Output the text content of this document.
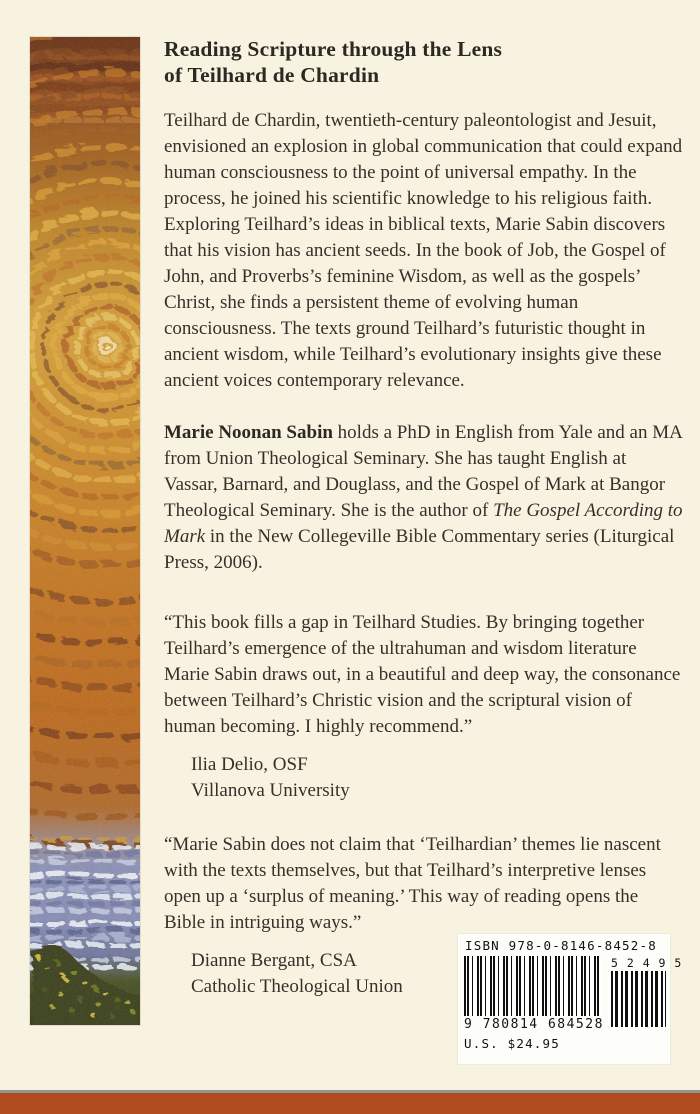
Reading Scripture through the Lens
of Teilhard de Chardin

Teilhard de Chardin, twentieth-century paleontologist and Jesuit, envisioned an explosion in global communication that could expand human consciousness to the point of universal empathy. In the process, he joined his scientific knowledge to his religious faith. Exploring Teilhard’s ideas in biblical texts, Marie Sabin discovers that his vision has ancient seeds. In the book of Job, the Gospel of John, and Proverbs’s feminine Wisdom, as well as the gospels’ Christ, she finds a persistent theme of evolving human consciousness. The texts ground Teilhard’s futuristic thought in ancient wisdom, while Teilhard’s evolutionary insights give these ancient voices contemporary relevance.

Marie Noonan Sabin holds a PhD in English from Yale and an MA from Union Theological Seminary. She has taught English at Vassar, Barnard, and Douglass, and the Gospel of Mark at Bangor Theological Seminary. She is the author of The Gospel According to Mark in the New Collegeville Bible Commentary series (Liturgical Press, 2006).

“This book fills a gap in Teilhard Studies. By bringing together Teilhard’s emergence of the ultrahuman and wisdom literature Marie Sabin draws out, in a beautiful and deep way, the consonance between Teilhard’s Christic vision and the scriptural vision of human becoming. I highly recommend.”

Ilia Delio, OSF
Villanova University

“Marie Sabin does not claim that ‘Teilhardian’ themes lie nascent with the texts themselves, but that Teilhard’s interpretive lenses open up a ‘surplus of meaning.’ This way of reading opens the Bible in intriguing ways.”

Dianne Bergant, CSA
Catholic Theological Union
ISBN 978-0-8146-8452-8
9 780814 684528
5 2 4 9 5
U.S. $24.95
